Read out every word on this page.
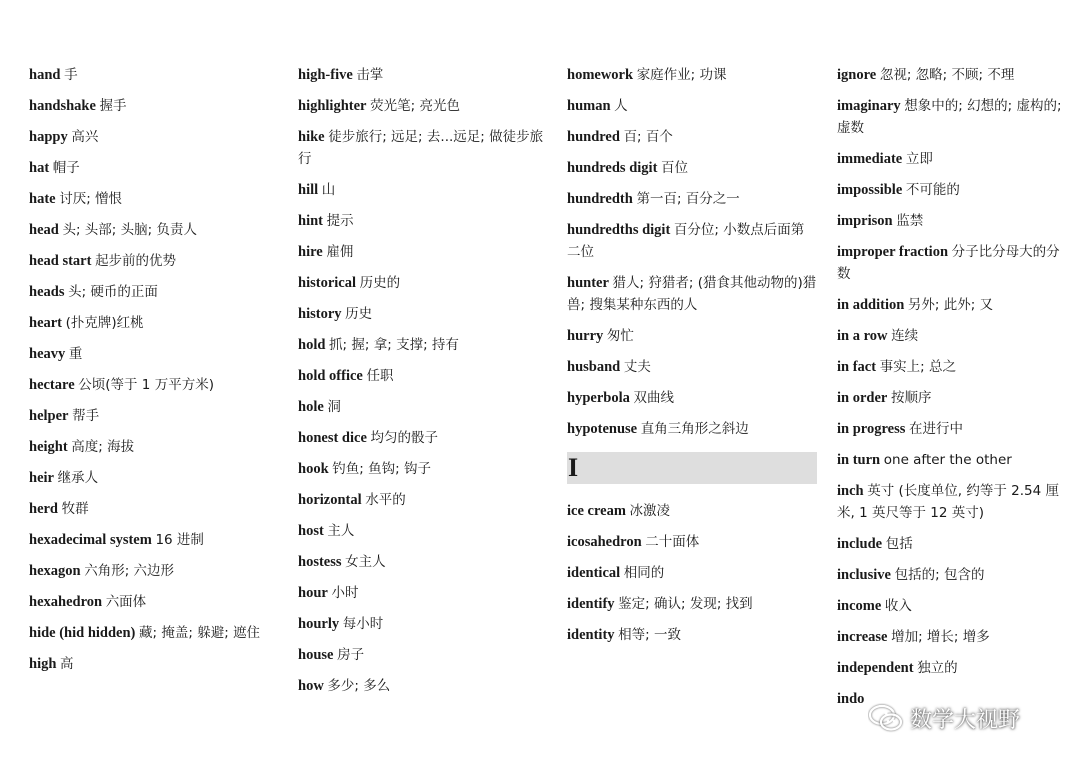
hand 手
handshake 握手
happy 高兴
hat 帽子
hate 讨厌; 憎恨
head 头; 头部; 头脑; 负责人
head start 起步前的优势
heads 头; 硬币的正面
heart (扑克牌)红桃
heavy 重
hectare 公顷(等于 1 万平方米)
helper 帮手
height 高度; 海拔
heir 继承人
herd 牧群
hexadecimal system 16 进制
hexagon 六角形; 六边形
hexahedron 六面体
hide (hid hidden) 藏; 掩盖; 躲避; 遮住
high 高
high-five 击掌
highlighter 荧光笔; 亮光色
hike 徒步旅行; 远足; 去...远足; 做徒步旅行
hill 山
hint 提示
hire 雇佣
historical 历史的
history 历史
hold 抓; 握; 拿; 支撑; 持有
hold office 任职
hole 洞
honest dice 均匀的骰子
hook 钓鱼; 鱼钩; 钩子
horizontal 水平的
host 主人
hostess 女主人
hour 小时
hourly 每小时
house 房子
how 多少; 多么
homework 家庭作业; 功课
human 人
hundred 百; 百个
hundreds digit 百位
hundredth 第一百; 百分之一
hundredths digit 百分位; 小数点后面第二位
hunter 猎人; 狩猎者; (猎食其他动物的)猎兽; 搜集某种东西的人
hurry 匆忙
husband 丈夫
hyperbola 双曲线
hypotenuse 直角三角形之斜边
I
ice cream 冰激凌
icosahedron 二十面体
identical 相同的
identify 鉴定; 确认; 发现; 找到
identity 相等; 一致
ignore 忽视; 忽略; 不顾; 不理
imaginary 想象中的; 幻想的; 虚构的; 虚数
immediate 立即
impossible 不可能的
imprison 监禁
improper fraction 分子比分母大的分数
in addition 另外; 此外; 又
in a row 连续
in fact 事实上; 总之
in order 按顺序
in progress 在进行中
in turn one after the other
inch 英寸 (长度单位, 约等于 2.54 厘米, 1 英尺等于 12 英寸)
include 包括
inclusive 包括的; 包含的
income 收入
increase 增加; 增长; 增多
independent 独立的
indo
数学大视野
